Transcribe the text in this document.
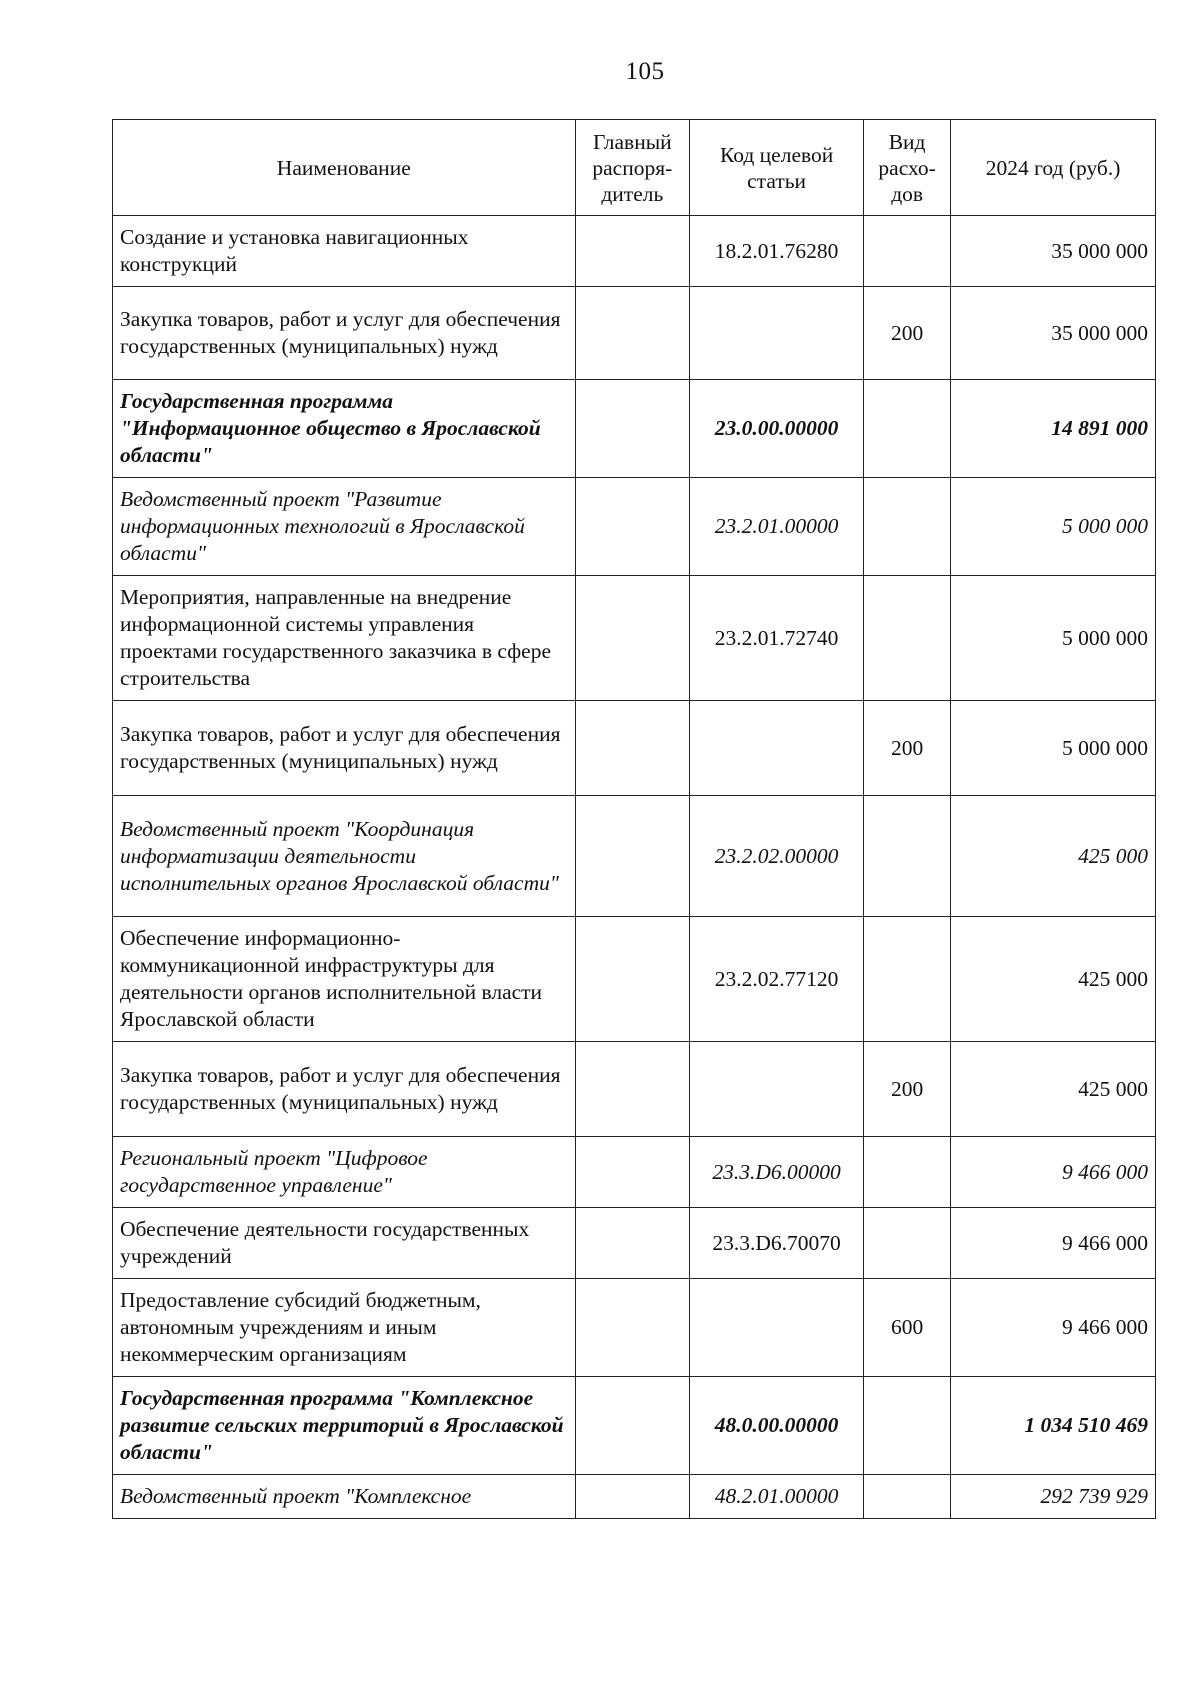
105
Наименование	Главный распоря-дитель	Код целевой статьи	Вид расхо-дов	2024 год (руб.)
Создание и установка навигационных конструкций		18.2.01.76280		35 000 000
Закупка товаров, работ и услуг для обеспечения государственных (муниципальных) нужд			200	35 000 000
Государственная программа "Информационное общество в Ярославской области"		23.0.00.00000		14 891 000
Ведомственный проект "Развитие информационных технологий в Ярославской области"		23.2.01.00000		5 000 000
Мероприятия, направленные на внедрение информационной системы управления проектами государственного заказчика в сфере строительства		23.2.01.72740		5 000 000
Закупка товаров, работ и услуг для обеспечения государственных (муниципальных) нужд			200	5 000 000
Ведомственный проект "Координация информатизации деятельности исполнительных органов Ярославской области"		23.2.02.00000		425 000
Обеспечение информационно-коммуникационной инфраструктуры для деятельности органов исполнительной власти Ярославской области		23.2.02.77120		425 000
Закупка товаров, работ и услуг для обеспечения государственных (муниципальных) нужд			200	425 000
Региональный проект "Цифровое государственное управление"		23.3.D6.00000		9 466 000
Обеспечение деятельности государственных учреждений		23.3.D6.70070		9 466 000
Предоставление субсидий бюджетным, автономным учреждениям и иным некоммерческим организациям			600	9 466 000
Государственная программа "Комплексное развитие сельских территорий в Ярославской области"		48.0.00.00000		1 034 510 469
Ведомственный проект "Комплексное		48.2.01.00000		292 739 929
